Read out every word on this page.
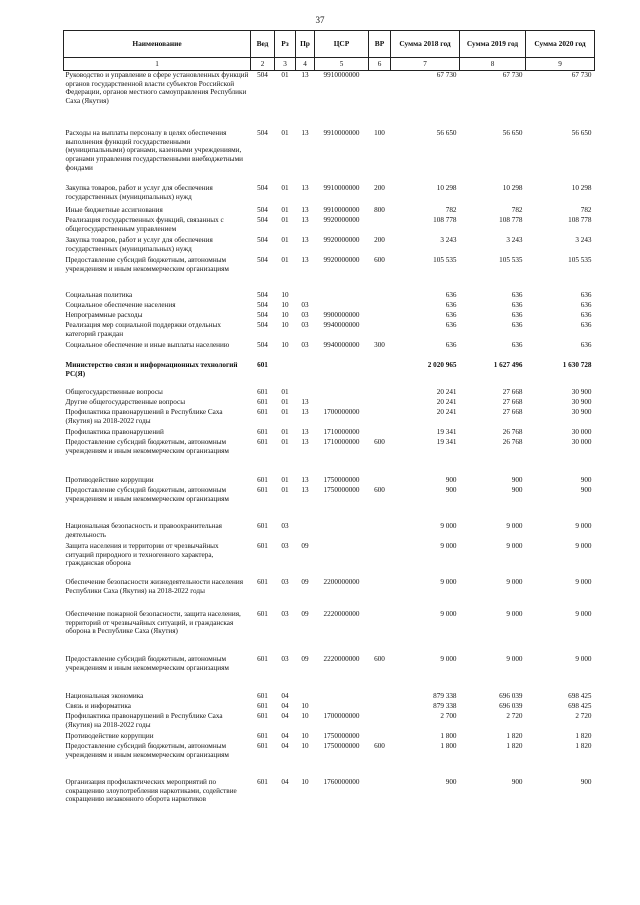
37
Наименование	Вед	Рз	Пр	ЦСР	ВР	Сумма 2018 год	Сумма 2019 год	Сумма 2020 год
1	2	3	4	5	6	7	8	9
Руководство и управление в сфере установленных функций органов государственной власти субъектов Российской Федерации, органов местного самоуправления Республики Саха (Якутия)	504	01	13	9910000000		67 730	67 730	67 730
Расходы на выплаты персоналу в целях обеспечения выполнения функций государственными (муниципальными) органами, казенными учреждениями, органами управления государственными внебюджетными фондами	504	01	13	9910000000	100	56 650	56 650	56 650
Закупка товаров, работ и услуг для обеспечения государственных (муниципальных) нужд	504	01	13	9910000000	200	10 298	10 298	10 298
Иные бюджетные ассигнования	504	01	13	9910000000	800	782	782	782
Реализация государственных функций, связанных с общегосударственным управлением	504	01	13	9920000000		108 778	108 778	108 778
Закупка товаров, работ и услуг для обеспечения государственных (муниципальных) нужд	504	01	13	9920000000	200	3 243	3 243	3 243
Предоставление субсидий бюджетным, автономным учреждениям и иным некоммерческим организациям	504	01	13	9920000000	600	105 535	105 535	105 535
Социальная политика	504	10				636	636	636
Социальное обеспечение населения	504	10	03			636	636	636
Непрограммные расходы	504	10	03	9900000000		636	636	636
Реализация мер социальной поддержки отдельных категорий граждан	504	10	03	9940000000		636	636	636
Социальное обеспечение и иные выплаты населению	504	10	03	9940000000	300	636	636	636
Министерство связи и информационных технологий РС(Я)	601					2 020 965	1 627 496	1 630 728
Общегосударственные вопросы	601	01				20 241	27 668	30 900
Другие общегосударственные вопросы	601	01	13			20 241	27 668	30 900
Профилактика правонарушений в Республике Саха (Якутия) на 2018-2022 годы	601	01	13	1700000000		20 241	27 668	30 900
Профилактика правонарушений	601	01	13	1710000000		19 341	26 768	30 000
Предоставление субсидий бюджетным, автономным учреждениям и иным некоммерческим организациям	601	01	13	1710000000	600	19 341	26 768	30 000
Противодействие коррупции	601	01	13	1750000000		900	900	900
Предоставление субсидий бюджетным, автономным учреждениям и иным некоммерческим организациям	601	01	13	1750000000	600	900	900	900
Национальная безопасность и правоохранительная деятельность	601	03				9 000	9 000	9 000
Защита населения и территории от чрезвычайных ситуаций природного и техногенного характера, гражданская оборона	601	03	09			9 000	9 000	9 000
Обеспечение безопасности жизнедеятельности населения Республики Саха (Якутия) на 2018-2022 годы	601	03	09	2200000000		9 000	9 000	9 000
Обеспечение пожарной безопасности, защита населения, территорий от чрезвычайных ситуаций, и гражданская оборона в Республике Саха (Якутия)	601	03	09	2220000000		9 000	9 000	9 000
Предоставление субсидий бюджетным, автономным учреждениям и иным некоммерческим организациям	601	03	09	2220000000	600	9 000	9 000	9 000
Национальная экономика	601	04				879 338	696 039	698 425
Связь и информатика	601	04	10			879 338	696 039	698 425
Профилактика правонарушений в Республике Саха (Якутия) на 2018-2022 годы	601	04	10	1700000000		2 700	2 720	2 720
Противодействие коррупции	601	04	10	1750000000		1 800	1 820	1 820
Предоставление субсидий бюджетным, автономным учреждениям и иным некоммерческим организациям	601	04	10	1750000000	600	1 800	1 820	1 820
Организация профилактических мероприятий по сокращению злоупотребления наркотиками, содействие сокращению незаконного оборота наркотиков	601	04	10	1760000000		900	900	900
